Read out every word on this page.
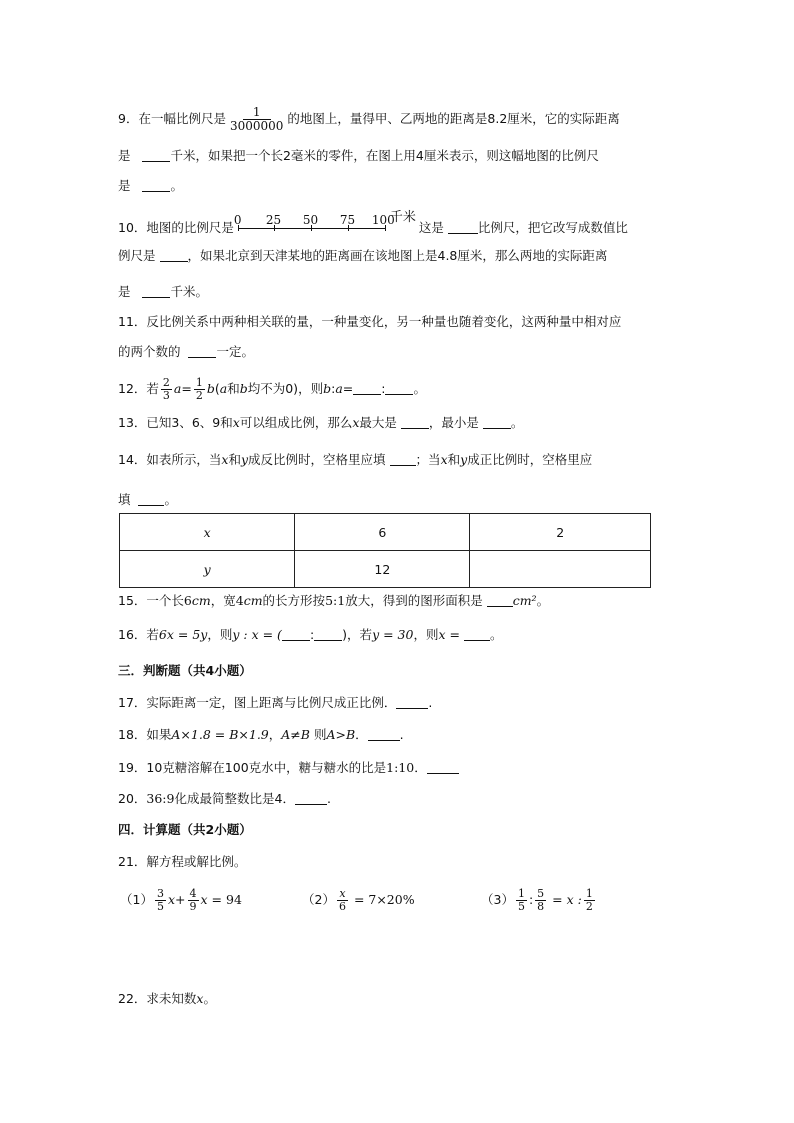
9．在一幅比例尺是 $\frac{1}{3000000}$ 的地图上，量得甲、乙两地的距离是8.2厘米，它的实际距离
是	千米，如果把一个长2毫米的零件，在图上用4厘米表示，则这幅地图的比例尺
是	。
10．地图的比例尺是 0 25 50 75 100
千米
这是	比例尺，把它改写成数值比
例尺是	，如果北京到天津某地的距离画在该地图上是4.8厘米，那么两地的实际距离
是	千米。
11．反比例关系中两种相关联的量，一种量变化，另一种量也随着变化，这两种量中相对应
的两个数的	一定。
12．若 $\frac{2}{3} a= \frac{1}{2} b(a$和b均不为0)，则b:a= : 。
13．已知3、6、9和x可以组成比例，那么x最大是	，最小是	。
14．如表所示，当x和y成反比例时，空格里应填 ；当x和y成正比例时，空格里应
填	。
x	6	2
y	12	
15．一个长6cm，宽4cm的长方形按5:1放大，得到的图形面积是 cm²。
16．若6x = 5y，则y : x = ( : )，若y = 30，则x = 。
三．判断题（共4小题）
17．实际距离一定，图上距离与比例尺成正比例．	.
18．如果A×1.8 = B×1.9，A≠B 则A>B．	.
19．10克糖溶解在100克水中，糖与糖水的比是1:10．
20．36:9化成最简整数比是4．	.
四．计算题（共2小题）
21．解方程或解比例。
$(1) \frac{3}{5} x+ \frac{4}{9}$ x = 94	$(2) \frac{x}{6} = 7\times 20\%$	$(3) \frac{1}{5}$ : $\frac{5}{8} = x$ : $\frac{1}{2}$
22．求未知数x。
